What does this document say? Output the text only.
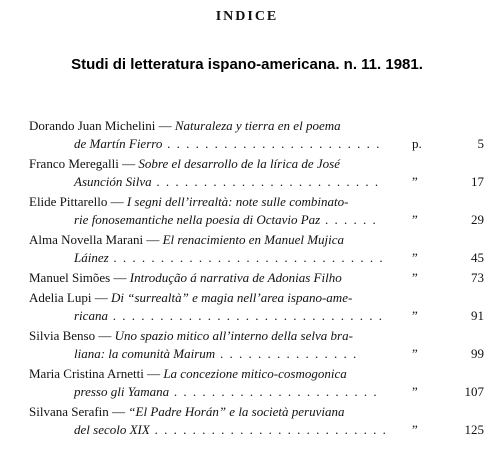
INDICE
Studi di letteratura ispano-americana. n. 11. 1981.
Dorando Juan Michelini — Naturaleza y tierra en el poema
de Martín Fierro . . . . . . . . . . . . . . . . . . . . . . . p.	5
Franco Meregalli — Sobre el desarrollo de la lírica de José
Asunción Silva . . . . . . . . . . . . . . . . . . . . . . . . ”	17
Elide Pittarello — I segni dell’irrealtà: note sulle combinato-
rie fonosemantiche nella poesia di Octavio Paz . . . . . .	”	29
Alma Novella Marani — El renacimiento en Manuel Mujica
Láinez . . . . . . . . . . . . . . . . . . . . . . . . . . . . . ”	45
Manuel Simões — Introdução á narrativa de Adonias Filho	”	73
Adelia Lupi — Di “surrealtà” e magia nell’area ispano-ame-
ricana . . . . . . . . . . . . . . . . . . . . . . . . . . . . . ”	91
Silvia Benso — Uno spazio mitico all’interno della selva bra-
liana: la comunità Mairum . . . . . . . . . . . . . . .	”	99
Maria Cristina Arnetti — La concezione mitico-cosmogonica
presso gli Yamana . . . . . . . . . . . . . . . . . . . . . .	”	107
Silvana Serafin — “El Padre Horán” e la società peruviana
del secolo XIX . . . . . . . . . . . . . . . . . . . . . . . . . ”	125
